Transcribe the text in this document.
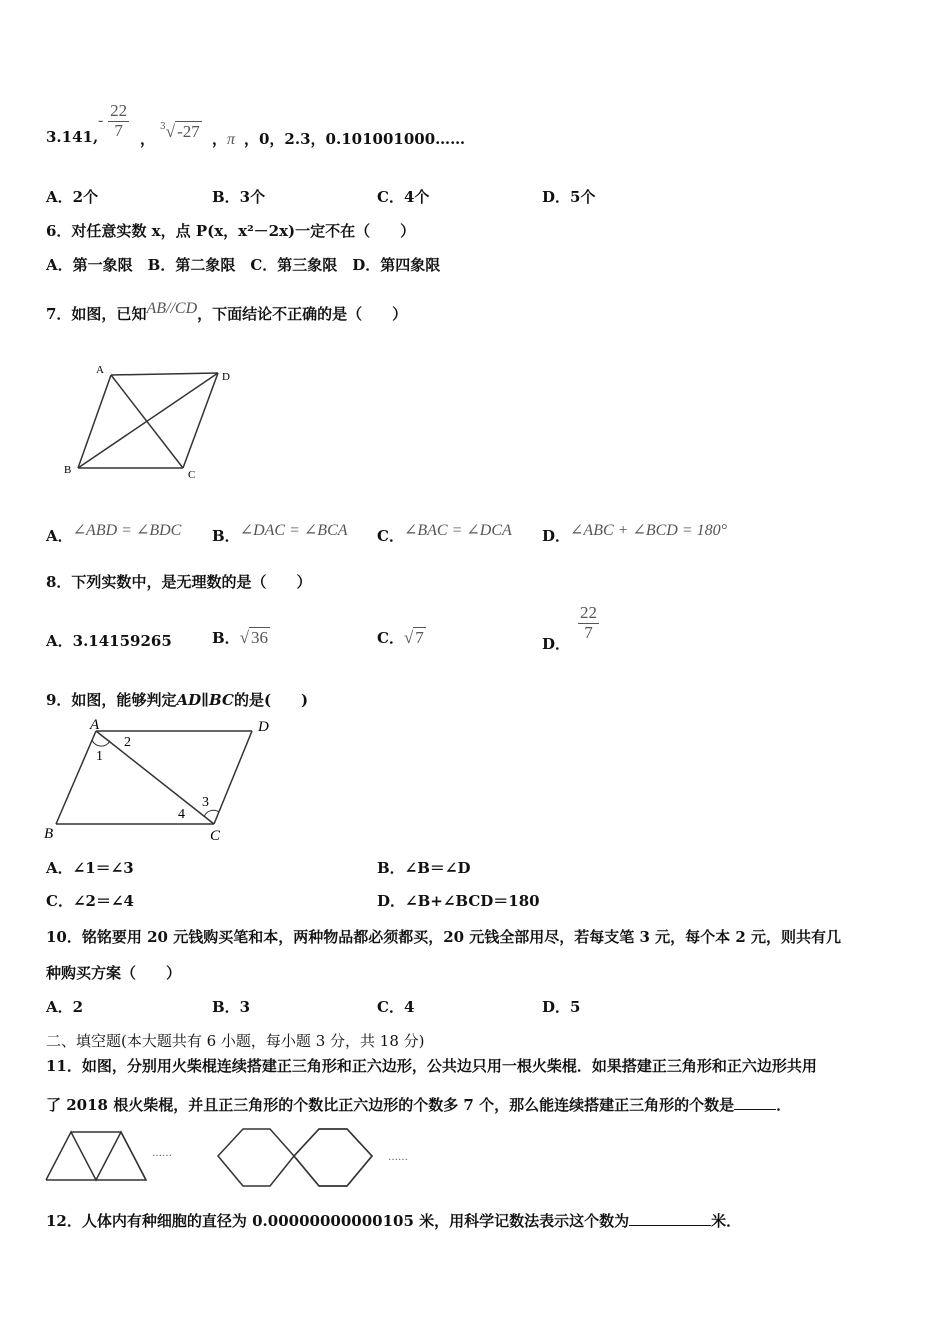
3.141,
- $\frac{22}{7}$ ，
$^3$√ -27 ，π ，0，2.3，0.101001000……
A．2个	B．3个	C．4个	D．5个
6．对任意实数 x，点 P(x，x²－2x)一定不在（　　）
A．第一象限　B．第二象限　C．第三象限　D．第四象限
7．如图，已知AB//CD，下面结论不正确的是（　　）
A
B	C
D
A．∠ABD = ∠BDC B．∠DAC = ∠BCA C．∠BAC = ∠DCA D．∠ABC + ∠BCD = 180°
8．下列实数中，是无理数的是（　　）
A．3.14159265	B．√ 36	C．√ 7	D．
$\frac{22}{7}$
9．如图，能够判定AD∥BC的是(　　)
A
B	C
D
1
2
3
4
A．∠1＝∠3	B．∠B＝∠D
C．∠2＝∠4	D．∠B+∠BCD＝180
10．铭铭要用 20 元钱购买笔和本，两种物品都必须都买，20 元钱全部用尽，若每支笔 3 元，每个本 2 元，则共有几
种购买方案（　　）
A．2	B．3	C．4	D．5
二、填空题(本大题共有 6 小题，每小题 3 分，共 18 分)
11．如图，分别用火柴棍连续搭建正三角形和正六边形，公共边只用一根火柴棍．如果搭建正三角形和正六边形共用
了 2018 根火柴棍，并且正三角形的个数比正六边形的个数多 7 个，那么能连续搭建正三角形的个数是	．
……	……
12．人体内有种细胞的直径为 0.00000000000105 米，用科学记数法表示这个数为	米．
